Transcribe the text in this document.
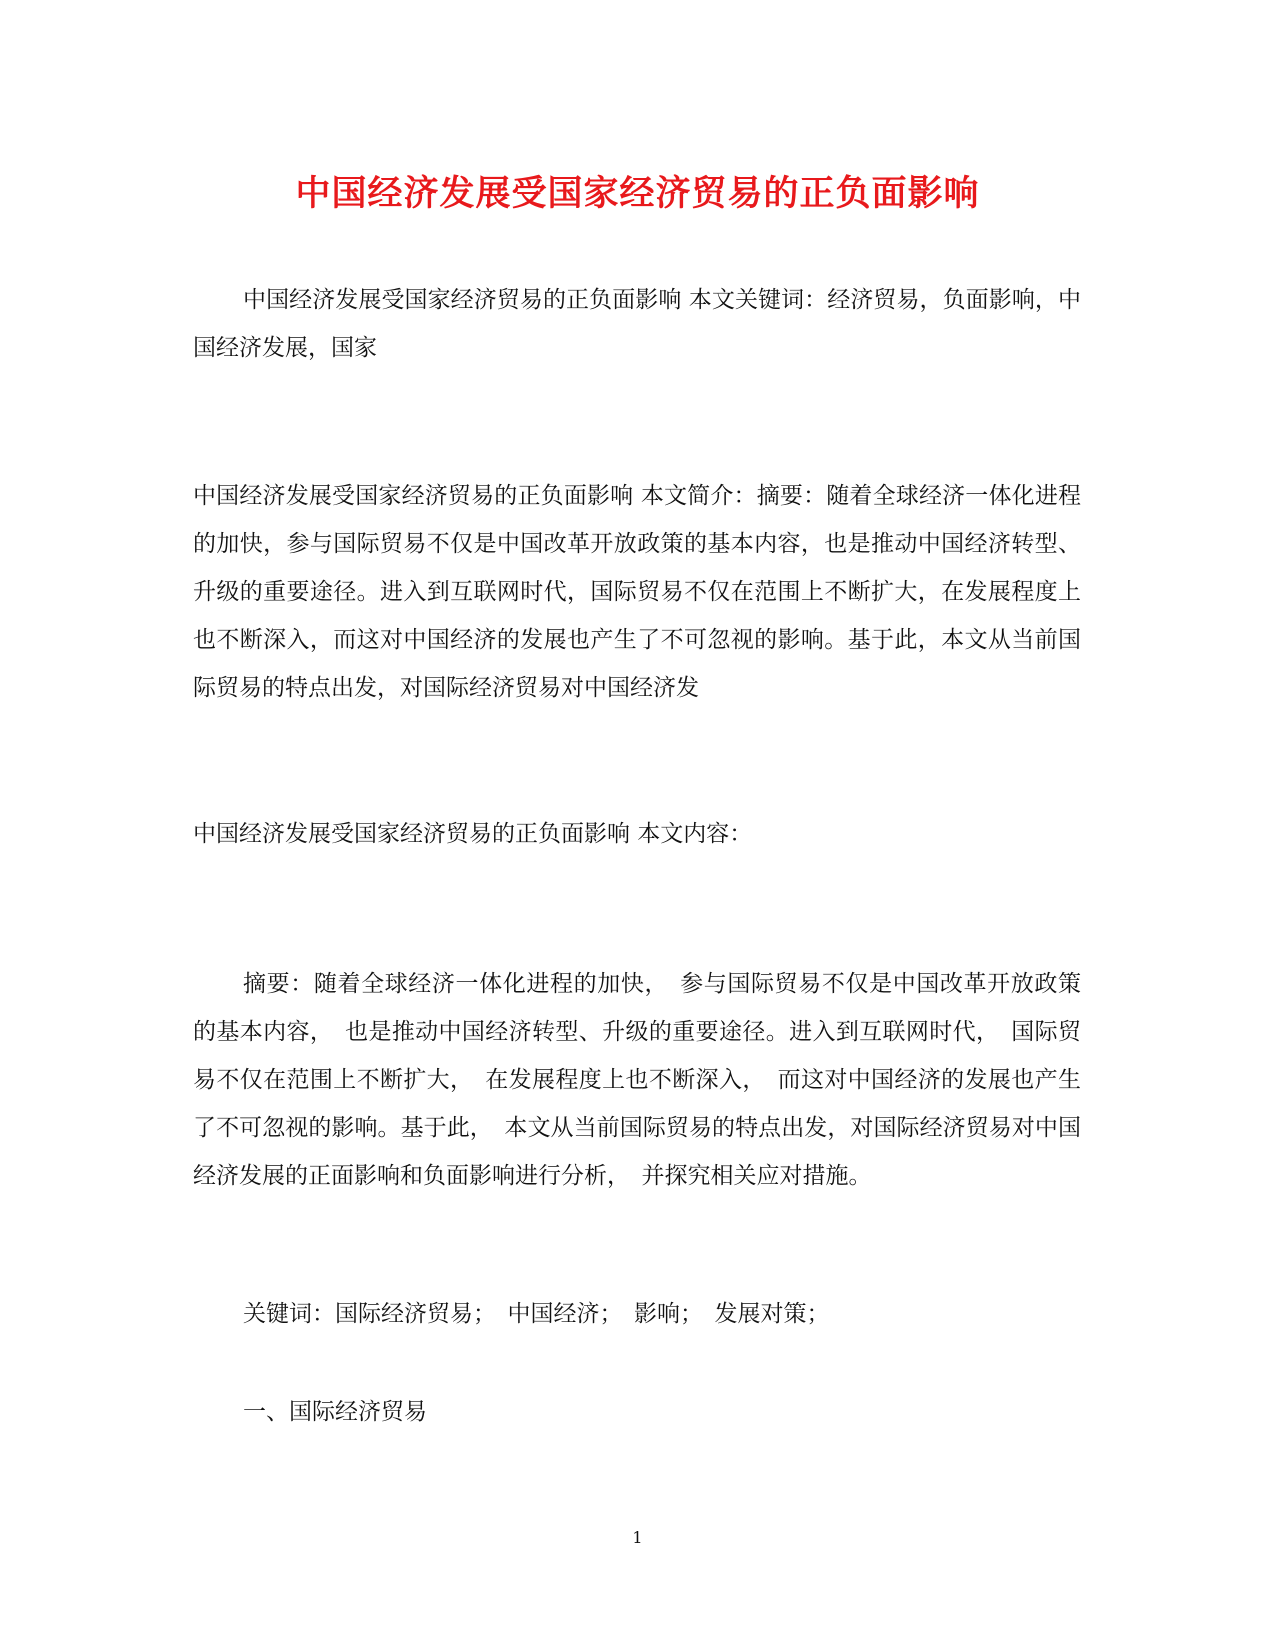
中国经济发展受国家经济贸易的正负面影响

中国经济发展受国家经济贸易的正负面影响 本文关键词：经济贸易，负面影响，中国经济发展，国家

中国经济发展受国家经济贸易的正负面影响 本文简介：摘要：随着全球经济一体化进程的加快，参与国际贸易不仅是中国改革开放政策的基本内容，也是推动中国经济转型、升级的重要途径。进入到互联网时代，国际贸易不仅在范围上不断扩大，在发展程度上也不断深入，而这对中国经济的发展也产生了不可忽视的影响。基于此，本文从当前国际贸易的特点出发，对国际经济贸易对中国经济发

中国经济发展受国家经济贸易的正负面影响 本文内容：

摘要：随着全球经济一体化进程的加快，　参与国际贸易不仅是中国改革开放政策的基本内容，　也是推动中国经济转型、升级的重要途径。进入到互联网时代，　国际贸易不仅在范围上不断扩大，　在发展程度上也不断深入，　而这对中国经济的发展也产生了不可忽视的影响。基于此，　本文从当前国际贸易的特点出发，对国际经济贸易对中国经济发展的正面影响和负面影响进行分析，　并探究相关应对措施。

关键词：国际经济贸易；　中国经济；　影响；　发展对策；

一、国际经济贸易

1
